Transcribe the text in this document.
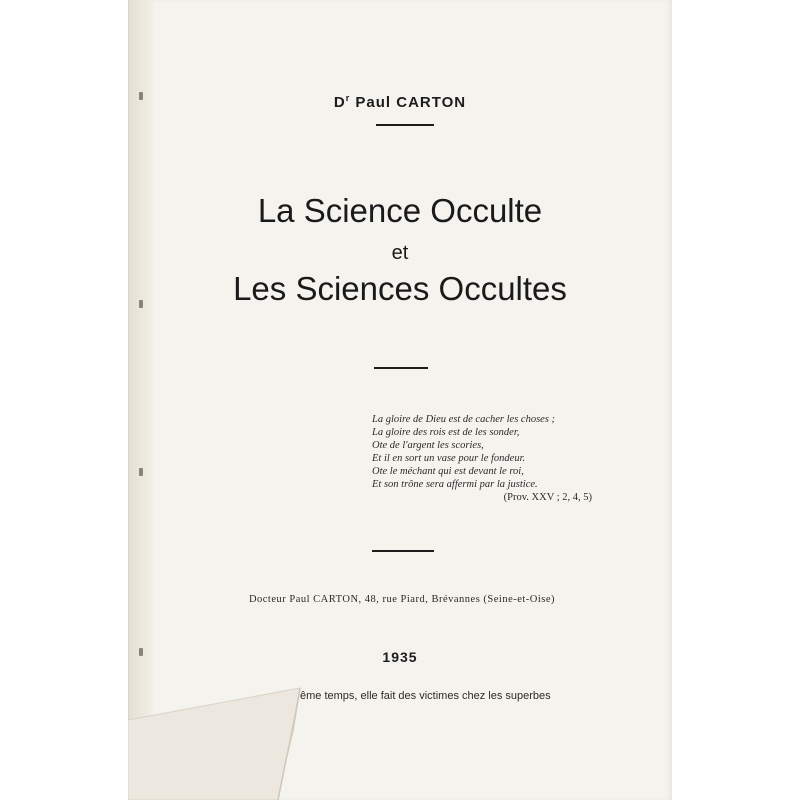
$D^r$ Paul CARTON
La Science Occulte
et
Les Sciences Occultes
La gloire de Dieu est de cacher les choses ;
La gloire des rois est de les sonder,
Ote de l'argent les scories,
Et il en sort un vase pour le fondeur.
Ote le méchant qui est devant le roi,
Et son trône sera affermi par la justice.
(Prov. XXV ; 2, 4, 5)
Docteur Paul CARTON, 48, rue Piard, Brévannes (Seine-et-Oise)
1935
ême temps, elle fait des victimes chez les superbes
